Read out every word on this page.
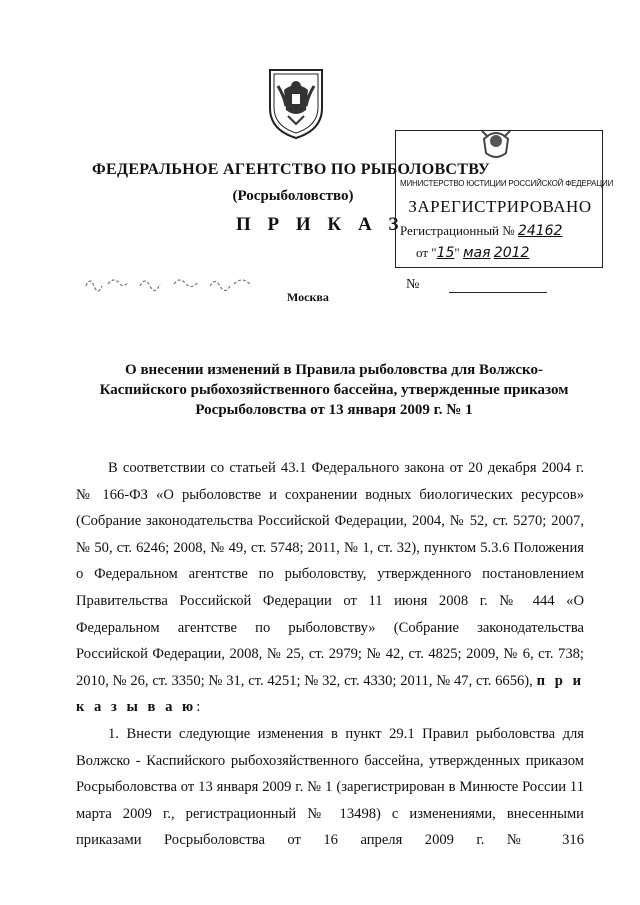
ФЕДЕРАЛЬНОЕ АГЕНТСТВО ПО РЫБОЛОВСТВУ
(Росрыболовство)
П Р И К А З
МИНИСТЕРСТВО ЮСТИЦИИ РОССИЙСКОЙ ФЕДЕРАЦИИ
ЗАРЕГИСТРИРОВАНО
Регистрационный № 24162
от "15" мая 2012
№
Москва
О внесении изменений в Правила рыболовства для Волжско-Каспийского рыбохозяйственного бассейна, утвержденные приказом Росрыболовства от 13 января 2009 г. № 1

В соответствии со статьей 43.1 Федерального закона от 20 декабря 2004 г. № 166-ФЗ «О рыболовстве и сохранении водных биологических ресурсов» (Собрание законодательства Российской Федерации, 2004, № 52, ст. 5270; 2007, № 50, ст. 6246; 2008, № 49, ст. 5748; 2011, № 1, ст. 32), пунктом 5.3.6 Положения о Федеральном агентстве по рыболовству, утвержденного постановлением Правительства Российской Федерации от 11 июня 2008 г. № 444 «О Федеральном агентстве по рыболовству» (Собрание законодательства Российской Федерации, 2008, № 25, ст. 2979; № 42, ст. 4825; 2009, № 6, ст. 738; 2010, № 26, ст. 3350; № 31, ст. 4251; № 32, ст. 4330; 2011, № 47, ст. 6656), п р и к а з ы в а ю:

1. Внести следующие изменения в пункт 29.1 Правил рыболовства для Волжско - Каспийского рыбохозяйственного бассейна, утвержденных приказом Росрыболовства от 13 января 2009 г. № 1 (зарегистрирован в Минюсте России 11 марта 2009 г., регистрационный № 13498) с изменениями, внесенными приказами Росрыболовства от 16 апреля 2009 г. № 316
